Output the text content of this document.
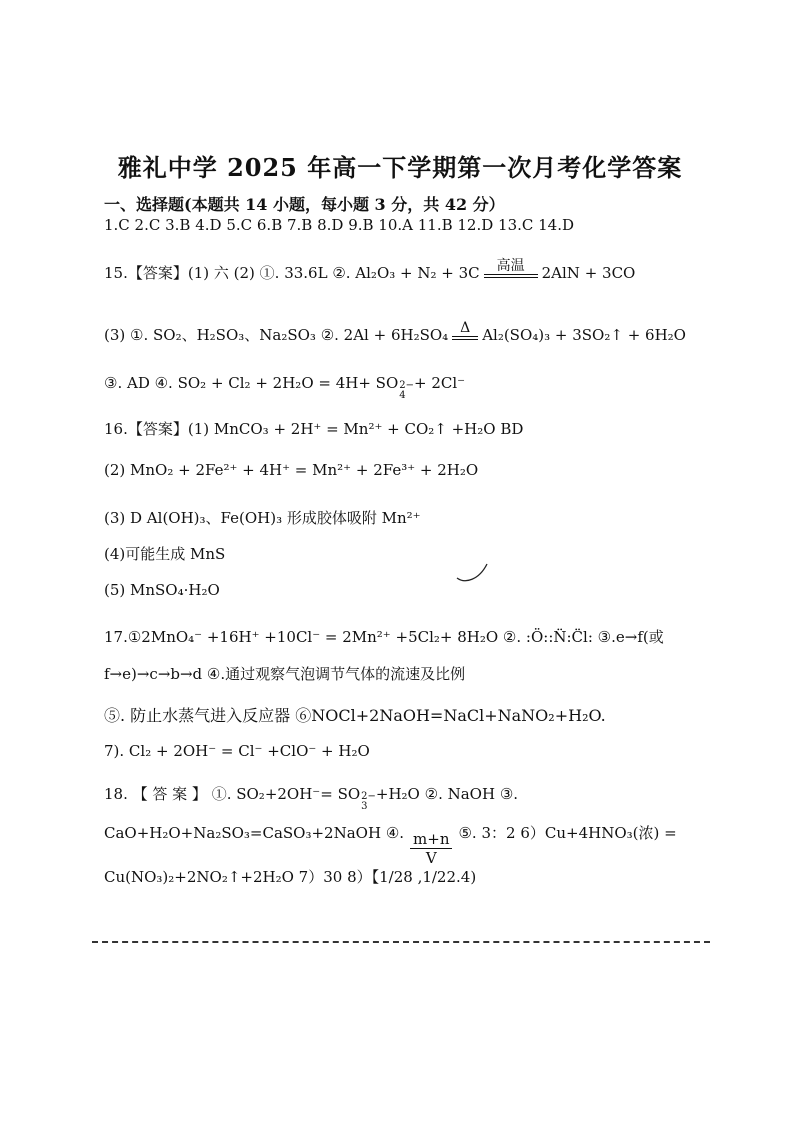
雅礼中学 2025 年高一下学期第一次月考化学答案
一、选择题(本题共 14 小题，每小题 3 分，共 42 分）
1.C 2.C 3.B 4.D 5.C 6.B 7.B 8.D 9.B 10.A 11.B 12.D 13.C 14.D
15.【答案】(1) 六 (2) ①. 33.6L ②. Al₂O₃ + N₂ + 3C 高温 2AlN + 3CO
(3) ①. SO₂、H₂SO₃、Na₂SO₃ ②. 2Al + 6H₂SO₄ Δ Al₂(SO₄)₃ + 3SO₂↑ + 6H₂O
③. AD ④. SO₂ + Cl₂ + 2H₂O = 4H+ SO 2−
4
+ 2Cl⁻
16.【答案】(1) MnCO₃ + 2H⁺ = Mn²⁺ + CO₂↑ +H₂O BD
(2) MnO₂ + 2Fe²⁺ + 4H⁺ = Mn²⁺ + 2Fe³⁺ + 2H₂O
(3) D Al(OH)₃、Fe(OH)₃ 形成胶体吸附 Mn²⁺
(4)可能生成 MnS
(5) MnSO₄·H₂O
17.①2MnO₄⁻ +16H⁺ +10Cl⁻ = 2Mn²⁺ +5Cl₂+ 8H₂O ②. :Ö::N̈:C̈l: ③.e→f(或
f→e)→c→b→d ④.通过观察气泡调节气体的流速及比例
⑤. 防止水蒸气进入反应器 ⑥NOCl+2NaOH=NaCl+NaNO₂+H₂O.
7). Cl₂ + 2OH⁻ = Cl⁻ +ClO⁻ + H₂O
18. 【 答 案 】 ①. SO₂+2OH⁻= SO 2−
3
+H₂O ②. NaOH ③.
CaO+H₂O+Na₂SO₃=CaSO₃+2NaOH ④. $\frac{m+n}{V}$ ⑤. 3：2 6）Cu+4HNO₃(浓) =
Cu(NO₃)₂+2NO₂↑+2H₂O 7）30 8）【1/28 ,1/22.4)
